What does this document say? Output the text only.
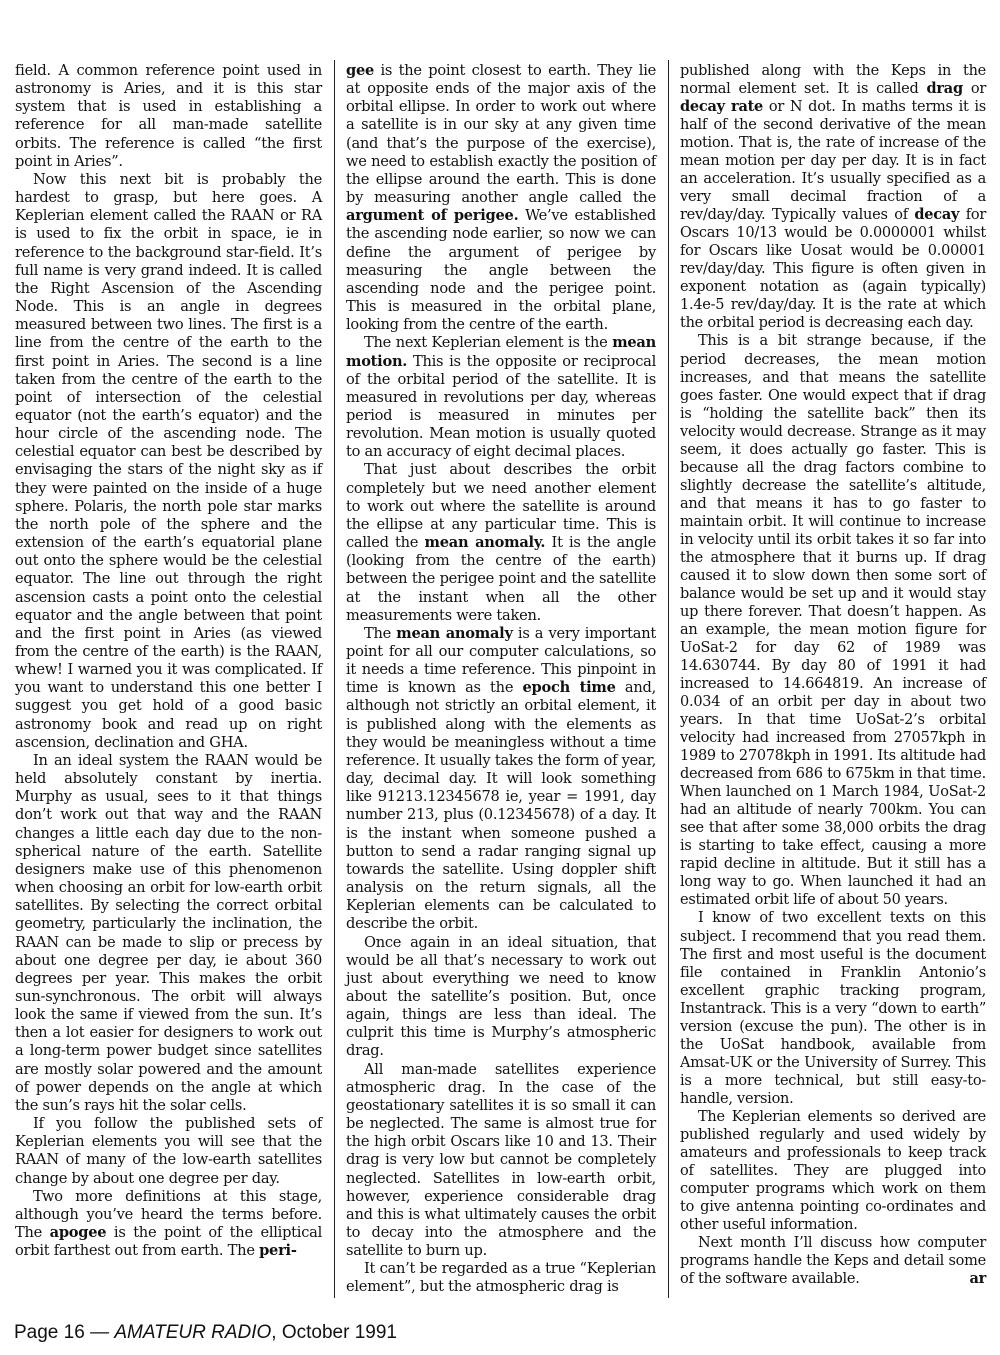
field. A common reference point used in astronomy is Aries, and it is this star system that is used in establishing a reference for all man-made satellite orbits. The reference is called “the first point in Aries”.

Now this next bit is probably the hardest to grasp, but here goes. A Keplerian element called the RAAN or RA is used to fix the orbit in space, ie in reference to the background star-field. It’s full name is very grand indeed. It is called the Right Ascension of the Ascending Node. This is an angle in degrees measured between two lines. The first is a line from the centre of the earth to the first point in Aries. The second is a line taken from the centre of the earth to the point of intersection of the celestial equator (not the earth’s equator) and the hour circle of the ascending node. The celestial equator can best be described by envisaging the stars of the night sky as if they were painted on the inside of a huge sphere. Polaris, the north pole star marks the north pole of the sphere and the extension of the earth’s equatorial plane out onto the sphere would be the celestial equator. The line out through the right ascension casts a point onto the celestial equator and the angle between that point and the first point in Aries (as viewed from the centre of the earth) is the RAAN, whew! I warned you it was complicated. If you want to understand this one better I suggest you get hold of a good basic astronomy book and read up on right ascension, declination and GHA.

In an ideal system the RAAN would be held absolutely constant by inertia. Murphy as usual, sees to it that things don’t work out that way and the RAAN changes a little each day due to the non-spherical nature of the earth. Satellite designers make use of this phenomenon when choosing an orbit for low-earth orbit satellites. By selecting the correct orbital geometry, particularly the inclination, the RAAN can be made to slip or precess by about one degree per day, ie about 360 degrees per year. This makes the orbit sun-synchronous. The orbit will always look the same if viewed from the sun. It’s then a lot easier for designers to work out a long-term power budget since satellites are mostly solar powered and the amount of power depends on the angle at which the sun’s rays hit the solar cells.

If you follow the published sets of Keplerian elements you will see that the RAAN of many of the low-earth satellites change by about one degree per day.

Two more definitions at this stage, although you’ve heard the terms before. The apogee is the point of the elliptical orbit farthest out from earth. The peri-

gee is the point closest to earth. They lie at opposite ends of the major axis of the orbital ellipse. In order to work out where a satellite is in our sky at any given time (and that’s the purpose of the exercise), we need to establish exactly the position of the ellipse around the earth. This is done by measuring another angle called the argument of perigee. We’ve established the ascending node earlier, so now we can define the argument of perigee by measuring the angle between the ascending node and the perigee point. This is measured in the orbital plane, looking from the centre of the earth.

The next Keplerian element is the mean motion. This is the opposite or reciprocal of the orbital period of the satellite. It is measured in revolutions per day, whereas period is measured in minutes per revolution. Mean motion is usually quoted to an accuracy of eight decimal places.

That just about describes the orbit completely but we need another element to work out where the satellite is around the ellipse at any particular time. This is called the mean anomaly. It is the angle (looking from the centre of the earth) between the perigee point and the satellite at the instant when all the other measurements were taken.

The mean anomaly is a very important point for all our computer calculations, so it needs a time reference. This pinpoint in time is known as the epoch time and, although not strictly an orbital element, it is published along with the elements as they would be meaningless without a time reference. It usually takes the form of year, day, decimal day. It will look something like 91213.12345678 ie, year = 1991, day number 213, plus (0.12345678) of a day. It is the instant when someone pushed a button to send a radar ranging signal up towards the satellite. Using doppler shift analysis on the return signals, all the Keplerian elements can be calculated to describe the orbit.

Once again in an ideal situation, that would be all that’s necessary to work out just about everything we need to know about the satellite’s position. But, once again, things are less than ideal. The culprit this time is Murphy’s atmospheric drag.

All man-made satellites experience atmospheric drag. In the case of the geostationary satellites it is so small it can be neglected. The same is almost true for the high orbit Oscars like 10 and 13. Their drag is very low but cannot be completely neglected. Satellites in low-earth orbit, however, experience considerable drag and this is what ultimately causes the orbit to decay into the atmosphere and the satellite to burn up.

It can’t be regarded as a true “Keplerian element”, but the atmospheric drag is

published along with the Keps in the normal element set. It is called drag or decay rate or N dot. In maths terms it is half of the second derivative of the mean motion. That is, the rate of increase of the mean motion per day per day. It is in fact an acceleration. It’s usually specified as a very small decimal fraction of a rev/day/day. Typically values of decay for Oscars 10/13 would be 0.0000001 whilst for Oscars like Uosat would be 0.00001 rev/day/day. This figure is often given in exponent notation as (again typically) 1.4e-5 rev/day/day. It is the rate at which the orbital period is decreasing each day.

This is a bit strange because, if the period decreases, the mean motion increases, and that means the satellite goes faster. One would expect that if drag is “holding the satellite back” then its velocity would decrease. Strange as it may seem, it does actually go faster. This is because all the drag factors combine to slightly decrease the satellite’s altitude, and that means it has to go faster to maintain orbit. It will continue to increase in velocity until its orbit takes it so far into the atmosphere that it burns up. If drag caused it to slow down then some sort of balance would be set up and it would stay up there forever. That doesn’t happen. As an example, the mean motion figure for UoSat-2 for day 62 of 1989 was 14.630744. By day 80 of 1991 it had increased to 14.664819. An increase of 0.034 of an orbit per day in about two years. In that time UoSat-2’s orbital velocity had increased from 27057kph in 1989 to 27078kph in 1991. Its altitude had decreased from 686 to 675km in that time. When launched on 1 March 1984, UoSat-2 had an altitude of nearly 700km. You can see that after some 38,000 orbits the drag is starting to take effect, causing a more rapid decline in altitude. But it still has a long way to go. When launched it had an estimated orbit life of about 50 years.

I know of two excellent texts on this subject. I recommend that you read them. The first and most useful is the document file contained in Franklin Antonio’s excellent graphic tracking program, Instantrack. This is a very “down to earth” version (excuse the pun). The other is in the UoSat handbook, available from Amsat-UK or the University of Surrey. This is a more technical, but still easy-to-handle, version.

The Keplerian elements so derived are published regularly and used widely by amateurs and professionals to keep track of satellites. They are plugged into computer programs which work on them to give antenna pointing co-ordinates and other useful information.

Next month I’ll discuss how computer programs handle the Keps and detail some of the software available.	ar

Page 16 — AMATEUR RADIO, October 1991
